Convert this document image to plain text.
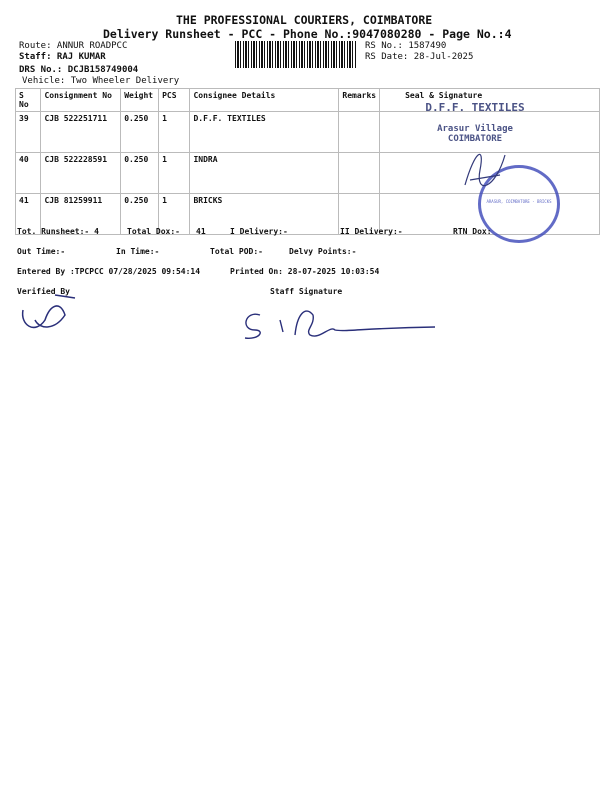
THE PROFESSIONAL COURIERS, COIMBATORE
Delivery Runsheet - PCC - Phone No.:9047080280 - Page No.:4
Route: ANNUR ROADPCC
Staff: RAJ KUMAR
DRS No.: DCJB158749004
Vehicle: Two Wheeler Delivery
RS No.: 1587490
RS Date: 28-Jul-2025
S No	Consignment No	Weight	PCS	Consignee Details	Remarks	Seal & Signature
39	CJB 522251711	0.250	1	D.F.F. TEXTILES		
40	CJB 522228591	0.250	1	INDRA		
41	CJB 81259911	0.250	1	BRICKS		
D.F.F. TEXTILES
Arasur Village
COIMBATORE
ARASUR, COIMBATORE - BRICKS
Tot. Runsheet:- 4	Total Dox:- 41	I Delivery:-	II Delivery:-	RTN Dox:
Out Time:-	In Time:-	Total POD:-	Delvy Points:-
Entered By :TPCPCC 07/28/2025 09:54:14	Printed On: 28-07-2025 10:03:54
Verified By	Staff Signature
